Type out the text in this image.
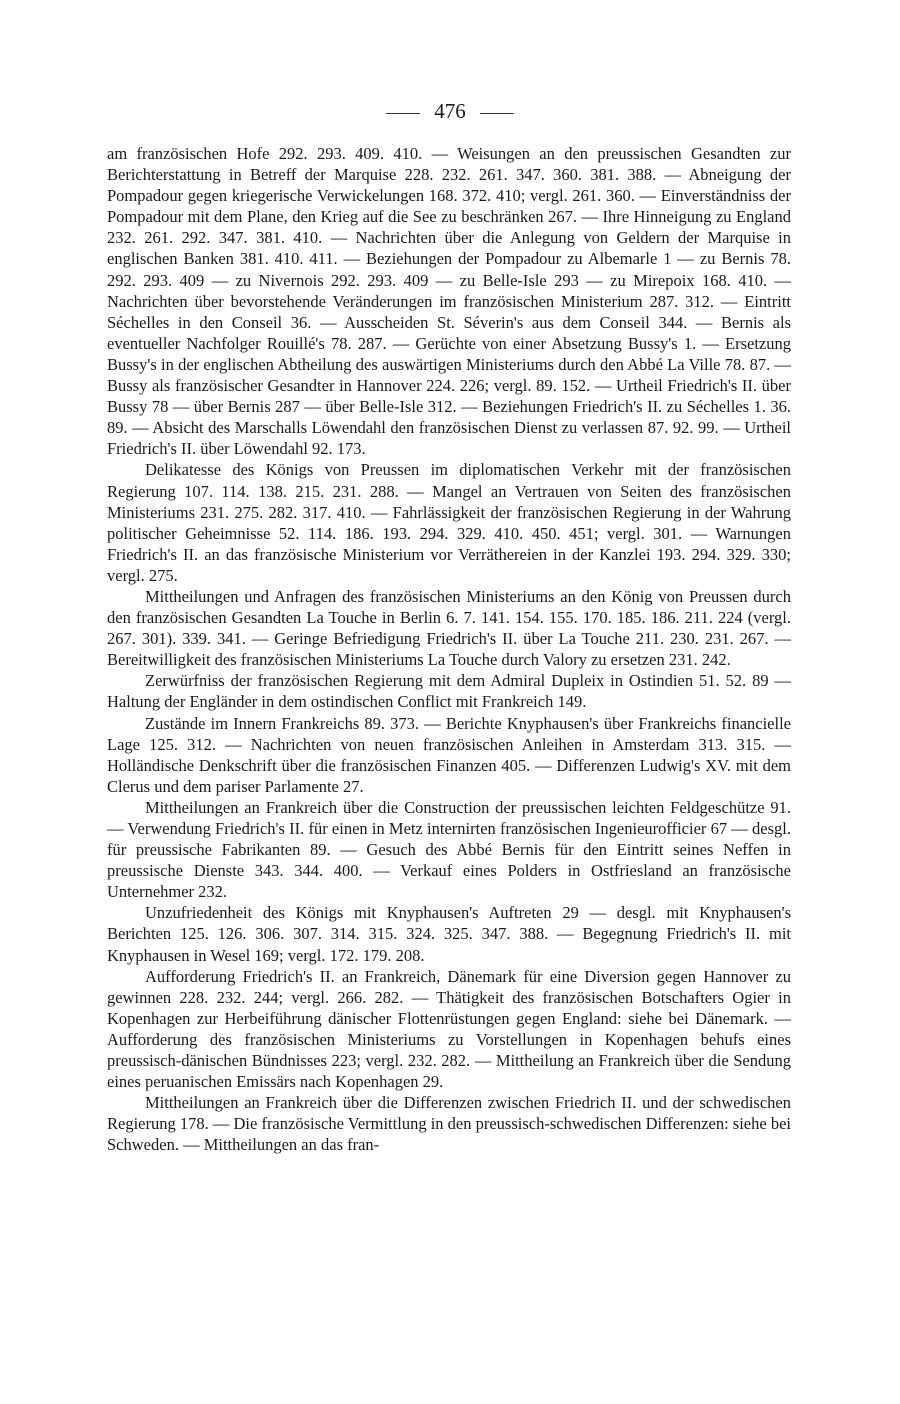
476

am französischen Hofe 292. 293. 409. 410. — Weisungen an den preussischen Gesandten zur Berichterstattung in Betreff der Marquise 228. 232. 261. 347. 360. 381. 388. — Abneigung der Pompadour gegen kriegerische Verwickelungen 168. 372. 410; vergl. 261. 360. — Einverständniss der Pompadour mit dem Plane, den Krieg auf die See zu beschränken 267. — Ihre Hinneigung zu England 232. 261. 292. 347. 381. 410. — Nachrichten über die Anlegung von Geldern der Marquise in englischen Banken 381. 410. 411. — Beziehungen der Pompadour zu Albemarle 1 — zu Bernis 78. 292. 293. 409 — zu Nivernois 292. 293. 409 — zu Belle-Isle 293 — zu Mirepoix 168. 410. — Nachrichten über bevorstehende Veränderungen im französischen Ministerium 287. 312. — Eintritt Séchelles in den Conseil 36. — Ausscheiden St. Séverin's aus dem Conseil 344. — Bernis als eventueller Nachfolger Rouillé's 78. 287. — Gerüchte von einer Absetzung Bussy's 1. — Ersetzung Bussy's in der englischen Abtheilung des auswärtigen Ministeriums durch den Abbé La Ville 78. 87. — Bussy als französischer Gesandter in Hannover 224. 226; vergl. 89. 152. — Urtheil Friedrich's II. über Bussy 78 — über Bernis 287 — über Belle-Isle 312. — Beziehungen Friedrich's II. zu Séchelles 1. 36. 89. — Absicht des Marschalls Löwendahl den französischen Dienst zu verlassen 87. 92. 99. — Urtheil Friedrich's II. über Löwendahl 92. 173.

Delikatesse des Königs von Preussen im diplomatischen Verkehr mit der französischen Regierung 107. 114. 138. 215. 231. 288. — Mangel an Vertrauen von Seiten des französischen Ministeriums 231. 275. 282. 317. 410. — Fahrlässigkeit der französischen Regierung in der Wahrung politischer Geheimnisse 52. 114. 186. 193. 294. 329. 410. 450. 451; vergl. 301. — Warnungen Friedrich's II. an das französische Ministerium vor Verräthereien in der Kanzlei 193. 294. 329. 330; vergl. 275.

Mittheilungen und Anfragen des französischen Ministeriums an den König von Preussen durch den französischen Gesandten La Touche in Berlin 6. 7. 141. 154. 155. 170. 185. 186. 211. 224 (vergl. 267. 301). 339. 341. — Geringe Befriedigung Friedrich's II. über La Touche 211. 230. 231. 267. — Bereitwilligkeit des französischen Ministeriums La Touche durch Valory zu ersetzen 231. 242.

Zerwürfniss der französischen Regierung mit dem Admiral Dupleix in Ostindien 51. 52. 89 — Haltung der Engländer in dem ostindischen Conflict mit Frankreich 149.

Zustände im Innern Frankreichs 89. 373. — Berichte Knyphausen's über Frankreichs financielle Lage 125. 312. — Nachrichten von neuen französischen Anleihen in Amsterdam 313. 315. — Holländische Denkschrift über die französischen Finanzen 405. — Differenzen Ludwig's XV. mit dem Clerus und dem pariser Parlamente 27.

Mittheilungen an Frankreich über die Construction der preussischen leichten Feldgeschütze 91. — Verwendung Friedrich's II. für einen in Metz internirten französischen Ingenieurofficier 67 — desgl. für preussische Fabrikanten 89. — Gesuch des Abbé Bernis für den Eintritt seines Neffen in preussische Dienste 343. 344. 400. — Verkauf eines Polders in Ostfriesland an französische Unternehmer 232.

Unzufriedenheit des Königs mit Knyphausen's Auftreten 29 — desgl. mit Knyphausen's Berichten 125. 126. 306. 307. 314. 315. 324. 325. 347. 388. — Begegnung Friedrich's II. mit Knyphausen in Wesel 169; vergl. 172. 179. 208.

Aufforderung Friedrich's II. an Frankreich, Dänemark für eine Diversion gegen Hannover zu gewinnen 228. 232. 244; vergl. 266. 282. — Thätigkeit des französischen Botschafters Ogier in Kopenhagen zur Herbeiführung dänischer Flottenrüstungen gegen England: siehe bei Dänemark. — Aufforderung des französischen Ministeriums zu Vorstellungen in Kopenhagen behufs eines preussisch-dänischen Bündnisses 223; vergl. 232. 282. — Mittheilung an Frankreich über die Sendung eines peruanischen Emissärs nach Kopenhagen 29.

Mittheilungen an Frankreich über die Differenzen zwischen Friedrich II. und der schwedischen Regierung 178. — Die französische Vermittlung in den preussisch-schwedischen Differenzen: siehe bei Schweden. — Mittheilungen an das fran-
